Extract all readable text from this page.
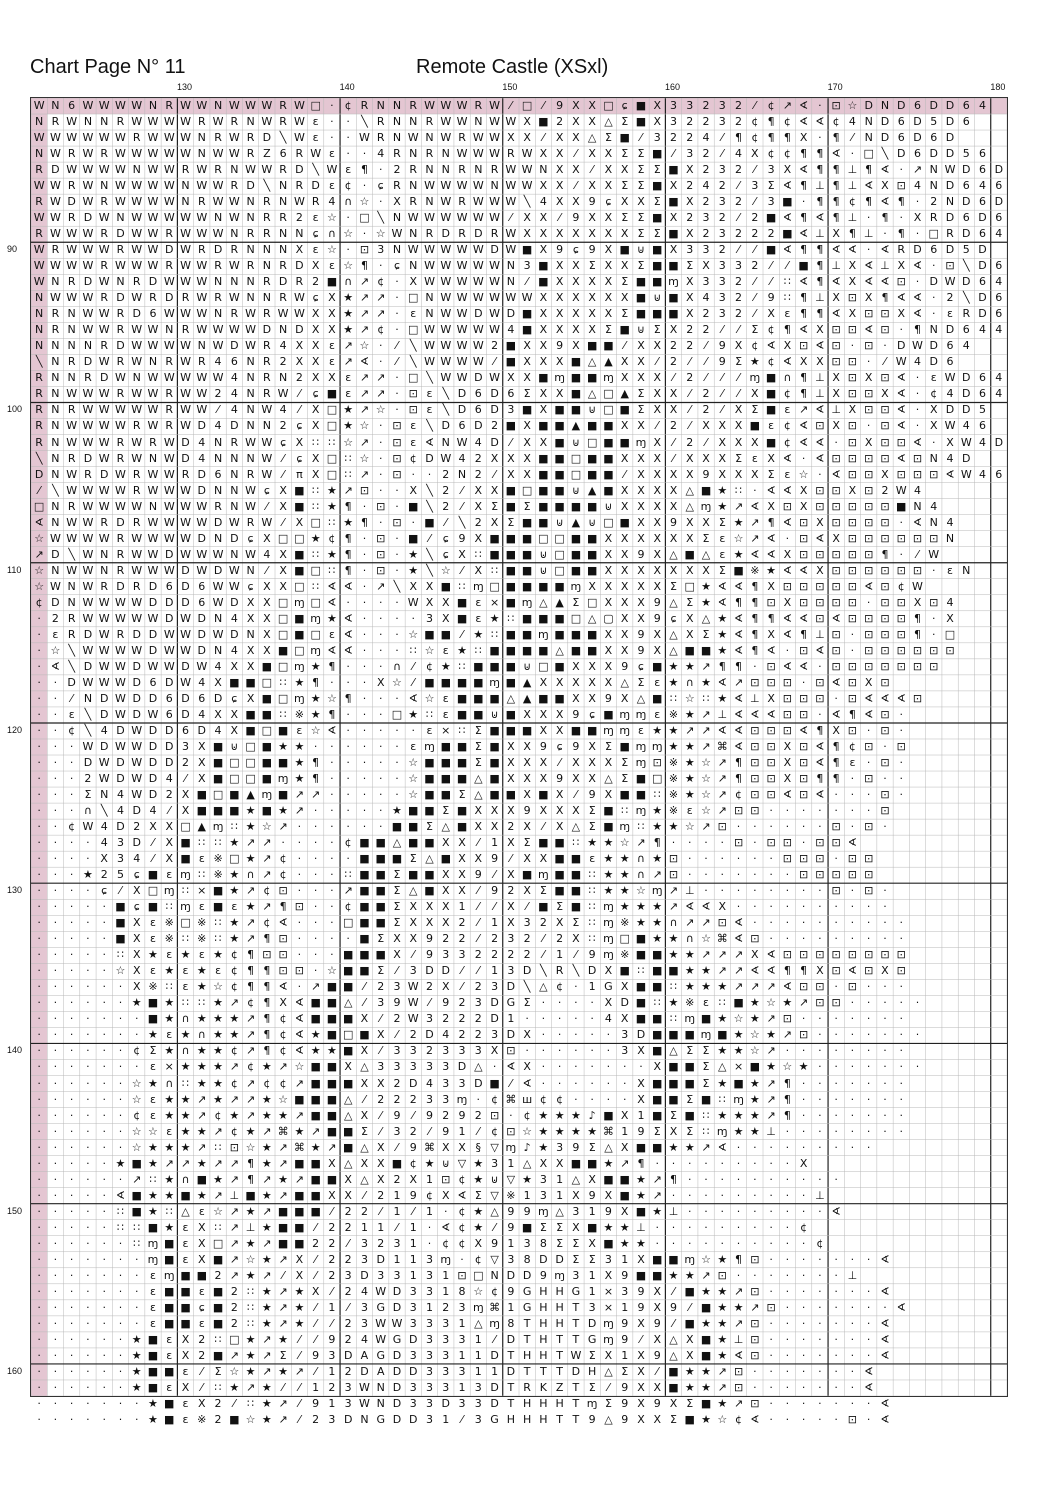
Chart Page N° 11	Remote Castle (XSxl)
130	140	150	160	170	180
90
100
110
120
130
140
150
160
W N 6 W W W W N R W W N W W W R W □ · ¢ R N N R W W W R W ⁄ □ ⁄ 9 X X □ ɕ ■ X 3 3 2 3 2 ⁄ ¢ ↗ ∢ · ⊡ ☆ D N D 6 D D 6 4
N R W N N R W W W W R W R N W R W ε · · ╲ R N N R W W N W W X ■ 2 X X △ Σ ■ X 3 2 2 3 2 ¢ ¶ ¢ ∢ ∢ ¢ 4 N D 6 D 5 D 6
W W W W W W R W W W N R W R D ╲ W ε · · W R N W N W R W W X X ⁄ X X △ Σ ■ ⁄ 3 2 2 4 ⁄ ¶ ¢ ¶ ¶ X · ¶ ⁄ N D 6 D 6 D
N W R W R W W W W W N W W R Z 6 R W ε · · 4 R N R N W W W R W X X ⁄ X X Σ Σ ■ ⁄ 3 2 ⁄ 4 X ¢ ¢ ¶ ¶ ∢ · □ ╲ D 6 D D 5 6
R D W W W W N W W R W R N W W R D ╲ W ε ¶ · 2 R N N R N R W W N X X ⁄ X X Σ Σ ■ X 2 3 2 ⁄ 3 X ∢ ¶ ¶ ⊥ ¶ ∢ · ↗ N W D 6 D
W W R W N W W W W N W W R D ╲ N R D ε ¢ · ɕ R N W W W W N W W X X ⁄ X X Σ Σ ■ X 2 4 2 ⁄ 3 Σ ∢ ¶ ⊥ ¶ ⊥ ∢ X ⊡ 4 N D 6 4 6
R W D W R W W W W N R W W N R N W R 4 ∩ ☆ · X R N W R W W W ╲ 4 X X 9 ɕ X X Σ ■ X 2 3 2 ⁄ 3 ■ · ¶ ¶ ¢ ¶ ∢ ¶ · 2 N D 6 D
W W R D W N W W W W W N W N R R 2 ε ☆ · □ ╲ N W W W W W W ⁄ X X ⁄ 9 X X Σ Σ ■ X 2 3 2 ⁄ 2 ■ ∢ ¶ ∢ ¶ ⊥ · ¶ · X R D 6 D 6
R W W W R D W W R W W W N R R N N ɕ ∩ ☆ · ☆ W N R D R D R W X X X X X X X Σ Σ ■ X 2 3 2 2 2 ■ ∢ ⊥ X ¶ ⊥ · ¶ · □ R D 6 4
W R W W W R W W D W R D R N N N X ε ☆ · ⊡ 3 N W W W W W D W ■ X 9 ɕ 9 X ■ ⊍ ■ X 3 3 2 ⁄ ⁄ ■ ∢ ¶ ¶ ∢ ∢ · ∢ R D 6 D 5 D
W W W W R W W W R W W R W R N R D X ε ☆ ¶ · ɕ N W W W W W N 3 ■ X X Σ X X Σ ■ ■ Σ X 3 3 2 ⁄ ⁄ ■ ¶ ⊥ X ∢ ⊥ X ∢ · ⊡ ╲ D 6
W N R D W N R D W W W N N N R D R 2 ■ ∩ ↗ ¢ · X W W W W W N ⁄ ■ X X X X Σ ■ ■ ɱ X 3 3 2 ⁄ ⁄ ∷ ∢ ¶ ∢ X ∢ ∢ ⊡ · D W D 6 4
N W W W R D W R D R W R W N N R W ɕ X ★ ↗ ↗ · □ N W W W W W W X X X X X X ■ ⊍ ■ X 4 3 2 ⁄ 9 ∷ ¶ ⊥ X ⊡ X ¶ ∢ ∢ · 2 ╲ D 6
N R N W W R D 6 W W W N R W R W W X X ★ ↗ ↗ · ε N W W D W D ■ X X X X X Σ ■ ■ ■ X 2 3 2 ⁄ X ε ¶ ¶ ∢ X ⊡ ⊡ X ∢ · ε R D 6
N R N W W R W W N R W W W W D N D X X ★ ↗ ¢ · □ W W W W W 4 ■ X X X X Σ ■ ⊍ Σ X 2 2 ⁄ ⁄ Σ ¢ ¶ ∢ X ⊡ ⊡ ∢ ⊡ · ¶ N D 6 4 4
N N N N R D W W W W N W D W R 4 X X ε ↗ ☆ · ⁄ ╲ W W W W 2 ■ X X 9 X ■ ■ ⁄ X X 2 2 ⁄ 9 X ¢ ∢ X ⊡ ∢ ⊡ · ⊡ · D W D 6 4
╲ N R D W R W N R W R 4 6 N R 2 X X ε ↗ ∢ · ⁄ ╲ W W W W ⁄ ■ X X X ■ △ ▲ X X ⁄ 2 ⁄ ⁄ 9 Σ ★ ¢ ∢ X X ⊡ ⊡ · ⁄ W 4 D 6
R N N R D W N W W W W W 4 N R N 2 X X ε ↗ ↗ · □ ╲ W W D W X X ■ ɱ ■ ■ ɱ X X X ⁄ 2 ⁄ ⁄ ⁄ ɱ ■ ∩ ¶ ⊥ X ⊡ X ⊡ ∢ · ε W D 6 4
R N W W W R W W R W W 2 4 N R W ⁄ ɕ ■ ε ↗ ↗ · ⊡ ε ╲ D 6 D 6 Σ X X ■ △ □ ▲ Σ X X ⁄ 2 ⁄ ⁄ X ■ ¢ ¶ ⊥ X ⊡ ⊡ X ∢ · ¢ 4 D 6 4
R N R W W W W W R W W ⁄ 4 N W 4 ⁄ X □ ★ ↗ ☆ · ⊡ ε ╲ D 6 D 3 ■ X ■ ■ ⊍ □ ■ Σ X X ⁄ 2 ⁄ X Σ ■ ε ↗ ∢ ⊥ X ⊡ ⊡ ∢ · X D D 5
R N W W W W R W R W D 4 D N N 2 ɕ X □ ★ ☆ · ⊡ ε ╲ D 6 D 2 ■ X ■ ■ ▲ ■ ■ X X ⁄ 2 ⁄ X X X ■ ε ¢ ∢ ⊡ X ⊡ · ⊡ ∢ · X W 4 6
R N W W W R W R W D 4 N R W W ɕ X ∷ ∷ ☆ ↗ · ⊡ ε ∢ N W 4 D ⁄ X X ■ ⊍ □ ■ ■ ɱ X ⁄ 2 ⁄ X X X ■ ¢ ∢ ∢ · ⊡ X ⊡ ⊡ ∢ · X W 4 D
╲ N R D W R W N W D 4 N N N W ⁄ ɕ X □ ∷ ☆ · ⊡ ¢ D W 4 2 X X X ■ ■ □ ■ ■ X X X ⁄ X X X Σ ε X ∢ · ∢ ⊡ ⊡ ⊡ ⊡ ∢ ⊡ N 4 D
D N W R D W R W W R D 6 N R W ⁄ π X □ ∷ ↗ · ⊡ · · 2 N 2 ⁄ X X ■ ■ □ ■ ■ ⁄ X X X X 9 X X X Σ ε ☆ · ∢ ⊡ ⊡ X ⊡ ⊡ ⊡ ∢ W 4 6
⁄ ╲ W W W W R W W W D N N W ɕ X ■ ∷ ★ ↗ ⊡ · · X ╲ 2 ⁄ X X ■ □ ■ ■ ⊍ ▲ ■ X X X X △ ■ ★ ∷ · ∢ ∢ X ⊡ ⊡ X ⊡ 2 W 4
□ N R W W W W N W W W R N W ⁄ X ■ ∷ ★ ¶ · ⊡ · ■ ╲ 2 ⁄ X Σ ■ Σ ■ ■ ■ ■ ⊍ X X X X △ ɱ ★ ↗ ∢ X ⊡ X ⊡ ⊡ ⊡ ⊡ ⊡ ■ N 4
∢ N W W R D R W W W W D W R W ⁄ X □ ∷ ★ ¶ · ⊡ · ■ ⁄ ╲ 2 X Σ ■ ■ ⊍ ▲ ⊍ □ ■ X X 9 X X Σ ★ ↗ ¶ ∢ ⊡ X ⊡ ⊡ ⊡ ⊡ · ∢ N 4
☆ W W W W R W W W W D N D ɕ X □ □ ★ ¢ ¶ · ⊡ · ■ ⁄ ɕ 9 X ■ ■ ■ □ □ ■ ■ X X X X X X Σ ε ☆ ↗ ∢ · ⊡ ∢ X ⊡ ⊡ ⊡ ⊡ ⊡ ⊡ N
↗ D ╲ W N R W W D W W W N W 4 X ■ ∷ ★ ¶ · ⊡ · ★ ╲ ɕ X ∷ ■ ■ ■ ⊍ □ ■ ■ X X 9 X △ ■ △ ε ★ ∢ ∢ X ⊡ ⊡ ⊡ ⊡ ⊡ ¶ · ⁄ W
☆ N W W N R W W W D W D W N ⁄ X ■ □ ∷ ¶ · ⊡ · ★ ╲ ☆ ⁄ X ∷ ■ ■ ⊍ □ ■ ■ X X X X X X X Σ ■ ※ ★ ∢ ∢ X ⊡ ⊡ ⊡ ⊡ ⊡ ⊡ · ε N
☆ W N W R D R D 6 D 6 W W ɕ X X □ ∷ ∢ ∢ · ↗ ╲ X X ■ ∷ ɱ □ ■ ■ ■ ■ ɱ X X X X X Σ □ ★ ∢ ∢ ¶ X ⊡ ⊡ ⊡ ⊡ ⊡ ∢ ⊡ ¢ W
¢ D N W W W W D D D 6 W D X X □ ɱ □ ∢ · · · · W X X ■ ε × ■ ɱ △ ▲ Σ □ X X X 9 △ Σ ★ ∢ ¶ ¶ ⊡ X ⊡ ⊡ ⊡ ⊡ · ⊡ ⊡ X ⊡ 4
· 2 R W W W W W D W D N 4 X X □ ■ ɱ ★ ∢ · · · · 3 X ■ ε ★ ∷ ■ ■ ■ □ △ ▢ X X 9 ɕ X △ ★ ∢ ¶ ¶ ∢ ∢ ⊡ ∢ ⊡ ⊡ ⊡ ⊡ ¶ · X
· ε R D W R D D W W D W D N X □ ■ □ ε ∢ · · · ☆ ■ ■ ⁄ ★ ∷ ■ ■ ɱ ■ ■ ■ X X 9 X △ X Σ ★ ∢ ¶ X ∢ ¶ ⊥ ⊡ · ⊡ ⊡ ⊡ ¶ · □
· ☆ ╲ W W W W D W W D N 4 X X ■ □ ɱ ∢ ∢ · · · ∷ ☆ ε ★ ∷ ■ ■ ■ ■ △ ■ ■ X X 9 X △ ■ ■ ★ ∢ ¶ ∢ · ⊡ ∢ ⊡ · ⊡ ⊡ ⊡ ⊡ ⊡ ⊡
· ∢ ╲ D W W D W W D W 4 X X ■ □ ɱ ★ ¶ · · · ∩ ⁄ ¢ ★ ∷ ■ ■ ■ ⊍ □ ■ X X X 9 ɕ ■ ★ ★ ↗ ¶ ¶ · ⊡ ∢ ∢ · ⊡ ⊡ ⊡ ⊡ ⊡ ⊡ ⊡
· · D W W W D 6 D W 4 X ■ ■ □ ∷ ★ ¶ · · · X ☆ ⁄ ■ ■ ■ ■ ɱ ■ ▲ X X X X X △ Σ ε ★ ∩ ★ ∢ ↗ ⊡ ⊡ ⊡ · ⊡ ∢ ⊡ X ⊡
· · ⁄ N D W D D 6 D 6 D ɕ X ■ □ ɱ ★ ☆ ¶ · · · ∢ ☆ ε ■ ■ ■ △ ▲ ■ ■ X X 9 X △ ■ ∷ ☆ ∷ ★ ∢ ⊥ X ⊡ ⊡ ⊡ · ⊡ ∢ ∢ ∢ ⊡
· · ε ╲ D W D W 6 D 4 X X ■ ■ ∷ ※ ★ ¶ · · · □ ★ ∷ ε ■ ■ ⊍ ■ X X X 9 ɕ ■ ɱ ɱ ε ※ ★ ↗ ⊥ ∢ ∢ ∢ ⊡ ⊡ · ∢ ¶ ∢ ⊡ ·
· · ¢ ╲ 4 D W D D 6 D 4 X ■ □ ■ ε ☆ ∢ · · · · · ε × ∷ Σ ■ ■ ■ X X ■ ■ ɱ ɱ ε ★ ★ ↗ ↗ ∢ ∢ ⊡ ⊡ ⊡ ∢ ¶ X ⊡ · ⊡ ·
· · · W D W W D D 3 X ■ ⊍ □ ■ ★ ★ · · · · · · ε ɱ ■ ■ Σ ■ X X 9 ɕ 9 X Σ ■ ɱ ɱ ★ ★ ↗ ⌘ ∢ ⊡ ⊡ X ⊡ ∢ ¶ ¢ ⊡ · ⊡
· · · D W D W D D 2 X ■ □ □ ■ ■ ★ ¶ · · · · · ☆ ■ ■ ■ Σ ■ X X X ⁄ X X X Σ ɱ ⊡ ※ ★ ☆ ↗ ¶ ⊡ ⊡ X ⊡ ∢ ¶ ε · ⊡ ·
· · · 2 W D W D 4 ⁄ X ■ □ □ ■ ɱ ★ ¶ · · · · · ☆ ■ ■ ■ △ ■ X X X 9 X X △ Σ ■ □ ※ ★ ☆ ↗ ¶ ⊡ ⊡ X ⊡ ¶ ¶ · ⊡ · ·
· · · Σ N 4 W D 2 X ■ □ ■ ▲ ɱ ■ ↗ ↗ · · · · · ☆ ■ ■ Σ △ ■ ■ X ■ X ⁄ 9 X ■ ■ ∷ ※ ★ ☆ ↗ ¢ ⊡ ⊡ ∢ ⊡ ∢ · · · ⊡ ·
· · · ∩ ╲ 4 D 4 ⁄ X ■ ■ ■ ★ ■ ★ ↗ · · · · · ★ ■ ■ Σ ■ X X X 9 X X X Σ ■ ∷ ɱ ★ ※ ε ☆ ↗ ⊡ ⊡ · · · · · · · ⊡
· · ¢ W 4 D 2 X X □ ▲ ɱ ∷ ★ ☆ ↗ · · · · · · ■ ■ Σ △ ■ X X 2 X ⁄ X △ Σ ■ ɱ ∷ ★ ★ ☆ ↗ ⊡ · · · · · · ⊡ · ⊡ ·
· · · · 4 3 D ⁄ X ■ ∷ ∷ ★ ↗ ↗ · · · · ¢ ■ ■ △ ■ ■ X X ⁄ 1 X Σ ■ ■ ∷ ★ ★ ☆ ↗ ¶ · · · · ⊡ · ⊡ ⊡ · ⊡ ⊡ ∢
· · · · X 3 4 ⁄ X ■ ε ※ □ ★ ↗ ¢ · · · · ■ ■ ■ Σ △ ■ X X 9 ⁄ X X ■ ■ ε ★ ★ ∩ ★ ⊡ · · · · · · ⊡ ⊡ ⊡ · ⊡ ⊡
· · · ★ 2 5 ɕ ■ ε ɱ ∷ ※ ★ ∩ ↗ ¢ · · · ∷ ■ ■ Σ ■ ■ X X 9 ⁄ X ■ ɱ ■ ■ ∷ ★ ★ ∩ ↗ ⊡ · · · · · · · ⊡ ⊡ ⊡ ⊡ ⊡
· · · · ɕ ⁄ X □ ɱ ∷ × ■ ★ ↗ ¢ ⊡ · · · ↗ ■ ■ Σ △ ■ X X ⁄ 9 2 X Σ ■ ■ ∷ ★ ★ ☆ ɱ ↗ ⊥ · · · · · · · · ⊡ · ⊡ ·
· · · · · ■ ɕ ■ ∷ ɱ ε ■ ε ★ ↗ ¶ ⊡ · · ¢ ■ ■ Σ X X X 1 ⁄ ⁄ X ⁄ ■ Σ ■ ∷ ɱ ★ ★ ★ ↗ ∢ ∢ X · · · · · · · · · ·
· · · · · ■ X ε ※ □ ※ ∷ ★ ↗ ¢ ∢ · · · □ ■ ■ Σ X X X 2 ⁄ 1 X 3 2 X Σ ∷ ɱ ※ ★ ★ ∩ ↗ ↗ ⊡ ∢ · · · · · · · · · ·
· · · · · ■ X ε ※ ∷ ※ ∷ ★ ↗ ¶ ⊡ · · · · ■ Σ X X 9 2 2 ⁄ 2 3 2 ⁄ 2 X ∷ ɱ □ ■ ★ ★ ∩ ☆ ⌘ ∢ ⊡ · · · · · · · · ·
· · · · · ∷ X ★ ε ★ ε ★ ¢ ¶ ⊡ ⊡ · · · ■ ■ ■ X ⁄ 9 3 3 2 2 2 2 ⁄ 1 ⁄ 9 ɱ ※ ■ ■ ★ ★ ↗ ↗ ↗ X ∢ ⊡ ⊡ ⊡ ⊡ ⊡ ⊡ ⊡ ⊡
· · · · · ☆ X ε ★ ε ★ ε ¢ ¶ ¶ ⊡ ⊡ · ☆ ■ ■ Σ ⁄ 3 D D ⁄ ⁄ 1 3 D ╲ R ╲ D X ■ ∷ ■ ■ ★ ★ ↗ ↗ ∢ ∢ ¶ ¶ X ⊡ ∢ ⊡ X ⊡
· · · · · · X ※ ∷ ε ★ ☆ ¢ ¶ ¶ ∢ · ↗ ■ ■ ⁄ 2 3 W 2 X ⁄ 2 3 D ╲ △ ¢ · 1 G X ■ ■ ∷ ★ ★ ★ ↗ ↗ ↗ ∢ ⊡ ⊡ · ⊡ · · ·
· · · · · · ★ ■ ★ ∷ ∷ ★ ↗ ¢ ¶ X ∢ ■ ■ △ ⁄ 3 9 W ⁄ 9 2 3 D G Σ · · · · X D ■ ∷ ★ ※ ε ∷ ■ ★ ☆ ★ ↗ ⊡ ⊡ · · · · ·
· · · · · · · ■ ★ ∩ ★ ★ ★ ↗ ¶ ¢ ∢ ■ ■ ■ X ⁄ 2 W 3 2 2 2 D 1 · · · · · 4 X ■ ■ ∷ ɱ ■ ★ ☆ ★ ↗ ⊡ · · · · · · ·
· · · · · · · ★ ε ★ ∩ ★ ★ ↗ ¶ ¢ ∢ ★ ■ □ ■ X ⁄ 2 D 4 2 2 3 D X · · · · · 3 D ■ ■ ■ ɱ ■ ★ ☆ ★ ↗ ⊡ · · · · · · ·
· · · · · · ¢ Σ ★ ∩ ★ ★ ¢ ↗ ¶ ¢ ∢ ★ ★ ■ X ⁄ 3 3 2 3 3 3 X ⊡ · · · · · · 3 X ■ △ Σ Σ ★ ★ ☆ ↗ · · · · · · · ·
· · · · · · · ε × ★ ★ ★ ↗ ¢ ★ ↗ ☆ ■ ■ X △ 3 3 3 3 3 D △ · ∢ X · · · · · · · X ■ ■ Σ △ × ■ ★ ☆ ★ · · · · · · ·
· · · · · · ☆ ★ ∩ ∷ ★ ★ ¢ ↗ ¢ ¢ ↗ ■ ■ ■ X X 2 D 4 3 3 D ■ ⁄ ∢ · · · · · · X ■ ■ ■ Σ ★ ■ ★ ↗ ¶ · · · · · · ·
· · · · · · ☆ ε ★ ★ ↗ ★ ↗ ↗ ★ ☆ ■ ■ ■ △ ⁄ 2 2 2 3 3 ɱ · ¢ ⌘ ш ¢ ¢ · · · · X ■ ■ Σ ■ ∷ ɱ ★ ↗ ¶ · · · · · · ·
· · · · · · ¢ ε ★ ★ ↗ ¢ ★ ↗ ★ ★ ↗ ■ ■ △ X ⁄ 9 ⁄ 9 2 9 2 ⊡ · ¢ ★ ★ ★ ♪ ■ X 1 ■ Σ ■ ∷ ★ ★ ★ ↗ ¶ · · · · · · ·
· · · · · · ☆ ☆ ε ★ ★ ↗ ¢ ★ ↗ ⌘ ★ ↗ ■ ■ Σ ⁄ 3 2 ⁄ 9 1 ⁄ ¢ ⊡ ☆ ★ ★ ★ ★ ⌘ 1 9 Σ X Σ ∷ ɱ ★ ★ ⊥ · · · · · · · ·
· · · · · · ☆ ★ ★ ★ ↗ ∷ ⊡ ☆ ★ ↗ ⌘ ★ ↗ ■ △ X ⁄ 9 ⌘ X X § ▽ ɱ ♪ ★ 3 9 Σ △ X ■ ■ ★ ★ ↗ ∢ · · · · · · · · ·
· · · · · ★ ■ ★ ↗ ↗ ★ ↗ ↗ ¶ ★ ↗ ■ ■ X △ X X ■ ¢ ★ ⊍ ▽ ★ 3 1 △ X X ■ ■ ★ ↗ ¶ · · · · · · · · · X
· · · · · · ↗ ∷ ★ ∩ ■ ★ ↗ ¶ ↗ ★ ↗ ■ ■ X △ X 2 X 1 ⊡ ¢ ★ ⊍ ▽ ★ 3 1 △ X ■ ■ ★ ↗ ¶ · · · · · · · · · ·
· · · · · ∢ ■ ★ ★ ■ ★ ↗ ⊥ ■ ★ ↗ ■ ■ X X ⁄ 2 1 9 ¢ X ∢ Σ ▽ ※ 1 3 1 X 9 X ■ ★ ↗ · · · · · · · · · ⊥
· · · · · ∷ ■ ★ ∷ △ ε ☆ ↗ ★ ↗ ■ ■ ■ ⁄ 2 2 ⁄ 1 ⁄ 1 · ¢ ★ △ 9 9 ɱ △ 3 1 9 X ■ ★ ⊥ · · · · · · · · · ∢
· · · · · ∷ ∷ ■ ★ ε X ∷ ↗ ⊥ ★ ■ ■ ⁄ 2 2 1 1 ⁄ 1 · ∢ ¢ ★ ⁄ 9 ■ Σ Σ X ■ ★ ★ ⊥ · · · · · · · · · ¢
· · · · · · ∷ ɱ ■ ε X □ ↗ ★ ↗ ■ ■ 2 2 ⁄ 3 2 3 1 · ¢ ¢ X 9 1 3 8 Σ Σ X ■ ★ ★ · · · · · · · · · · ¢
· · · · · · · ɱ ■ ε X ■ ↗ ☆ ★ ↗ X ⁄ 2 2 3 D 1 1 3 ɱ · ¢ ▽ 3 8 D D Σ Σ 3 1 X ■ ■ ɱ ☆ ★ ¶ ⊡ · · · · · · · ∢
· · · · · · · ε ɱ ■ ■ 2 ↗ ★ ↗ ⁄ X ⁄ 2 3 D 3 3 1 3 1 ⊡ □ N D D 9 ɱ 3 1 X 9 ■ ■ ★ ★ ↗ ⊡ · · · · · · · ⊥
· · · · · · · ε ■ ■ ε ■ 2 ∷ ★ ↗ ★ X ⁄ 2 4 W D 3 3 1 8 ☆ ¢ 9 G H H G 1 × 3 9 X ⁄ ■ ★ ★ ↗ ⊡ · · · · · · · ∢
· · · · · · · ε ■ ■ ɕ ■ 2 ∷ ★ ↗ ★ ⁄ 1 ⁄ 3 G D 3 1 2 3 ɱ ⌘ 1 G H H T 3 × 1 9 X 9 ⁄ ■ ★ ★ ↗ ⊡ · · · · · · · ∢
· · · · · · · ε ■ ■ ε ■ 2 ∷ ★ ↗ ★ ⁄ ⁄ 2 3 W W 3 3 3 1 △ ɱ 8 T H H T D ɱ 9 X 9 ⁄ ■ ★ ★ ↗ ⊡ · · · · · · · ∢
· · · · · · ★ ■ ε X 2 ∷ □ ★ ↗ ★ ⁄ ⁄ 9 2 4 W G D 3 3 3 1 ⁄ D T H T T G ɱ 9 ⁄ X △ X ■ ★ ⊥ ⊡ · · · · · · · ∢
· · · · · · ★ ■ ε X 2 ■ ↗ ★ ↗ Σ ⁄ 9 3 D A G D 3 3 3 1 1 D T H H T W Σ X 1 X 9 △ X ■ ★ ∢ ⊡ · · · · · · · ∢
· · · · · · ★ ■ ■ ε ⁄ Σ ☆ ★ ↗ ★ ↗ ⁄ 1 2 D A D D 3 3 3 1 1 D T T T D H △ Σ X ⁄ ■ ★ ★ ↗ ⊡ · · · · · · · ∢
· · · · · · ★ ■ ε X ⁄ ∷ ★ ↗ ★ ⁄ ⁄ 1 2 3 W N D 3 3 3 1 3 D T R K Z T Σ ⁄ 9 X X ■ ★ ★ ↗ ⊡ · · · · · · · ∢
· · · · · · · ★ ■ ε X 2 ⁄ ∷ ★ ↗ ⁄ 9 1 3 W N D 3 3 D 3 3 D T H H H T ɱ Σ 9 X 9 X Σ ■ ★ ↗ ⊡ · · · · · · · ∢
· · · · · · · ★ ■ ε ※ 2 ■ ☆ ★ ↗ ⁄ 2 3 D N G D D 3 1 ⁄ 3 G H H H T T 9 △ 9 X X Σ ■ ★ ☆ ¢ ∢ · · · · · ⊡ · ∢
